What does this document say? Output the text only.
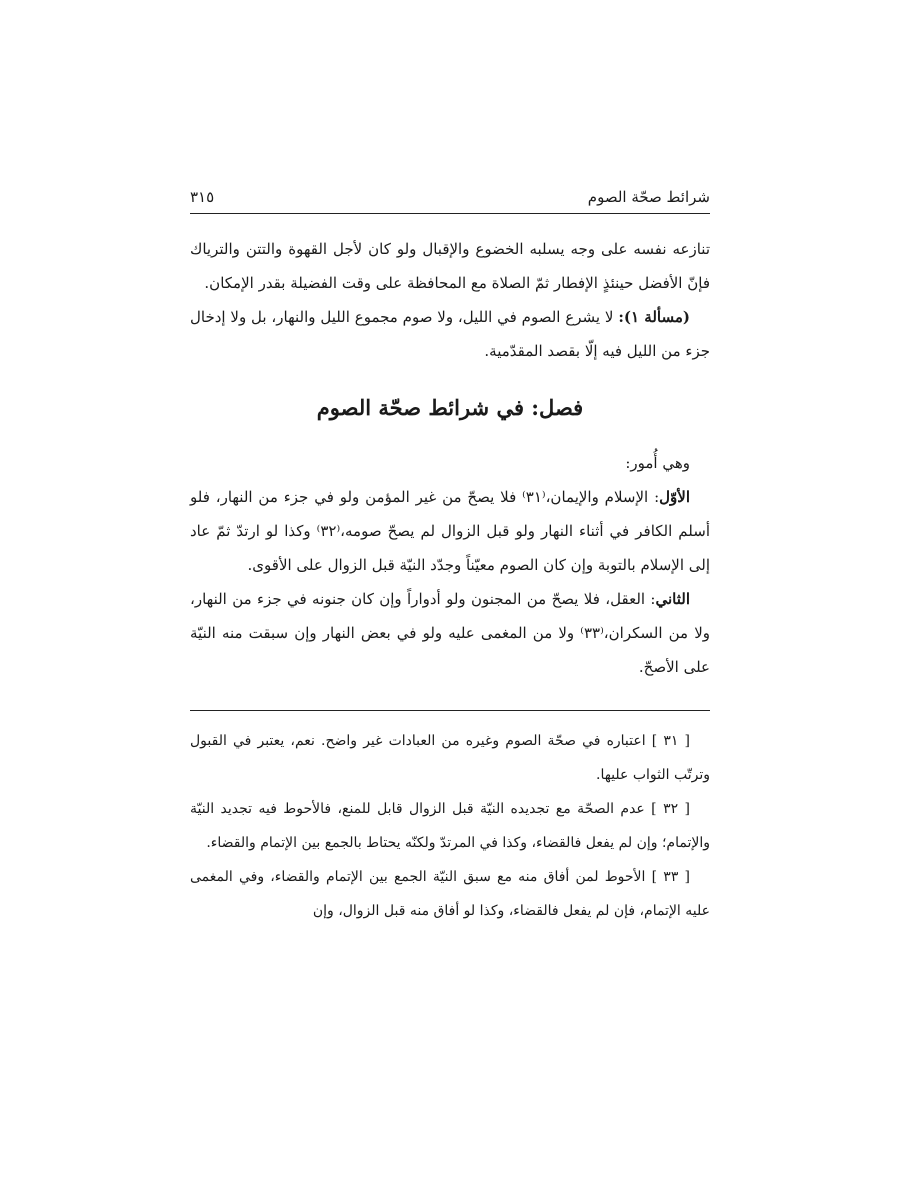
شرائط صحّة الصوم
٣١٥

تنازعه نفسه على وجه يسلبه الخضوع والإقبال ولو كان لأجل القهوة والتتن والترياك فإنّ الأفضل حينئذٍ الإفطار ثمّ الصلاة مع المحافظة على وقت الفضيلة بقدر الإمكان.

(مسألة ١): لا يشرع الصوم في الليل، ولا صوم مجموع الليل والنهار، بل ولا إدخال جزء من الليل فيه إلّا بقصد المقدّمية.

فصل: في شرائط صحّة الصوم

وهي أُمور:

الأوّل: الإسلام والإيمان،⁽٣١⁾ فلا يصحّ من غير المؤمن ولو في جزء من النهار، فلو أسلم الكافر في أثناء النهار ولو قبل الزوال لم يصحّ صومه،⁽٣٢⁾ وكذا لو ارتدّ ثمّ عاد إلى الإسلام بالتوبة وإن كان الصوم معيّناً وجدّد النيّة قبل الزوال على الأقوى.

الثاني: العقل، فلا يصحّ من المجنون ولو أدواراً وإن كان جنونه في جزء من النهار، ولا من السكران،⁽٣٣⁾ ولا من المغمى عليه ولو في بعض النهار وإن سبقت منه النيّة على الأصحّ.

[ ٣١ ] اعتباره في صحّة الصوم وغيره من العبادات غير واضح. نعم، يعتبر في القبول وترتّب الثواب عليها.

[ ٣٢ ] عدم الصحّة مع تجديده النيّة قبل الزوال قابل للمنع، فالأحوط فيه تجديد النيّة والإتمام؛ وإن لم يفعل فالقضاء، وكذا في المرتدّ ولكنّه يحتاط بالجمع بين الإتمام والقضاء.

[ ٣٣ ] الأحوط لمن أفاق منه مع سبق النيّة الجمع بين الإتمام والقضاء، وفي المغمى عليه الإتمام، فإن لم يفعل فالقضاء، وكذا لو أفاق منه قبل الزوال، وإن
